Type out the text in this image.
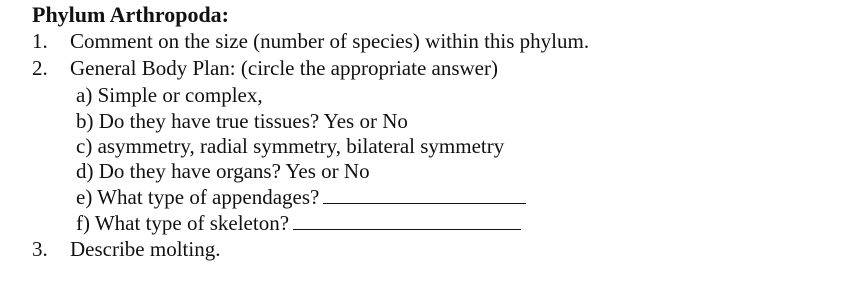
Phylum Arthropoda:
1. Comment on the size (number of species) within this phylum.
2. General Body Plan: (circle the appropriate answer)
a) Simple or complex,
b) Do they have true tissues? Yes or No
c) asymmetry, radial symmetry, bilateral symmetry
d) Do they have organs? Yes or No
e) What type of appendages?
f) What type of skeleton?
3. Describe molting.
